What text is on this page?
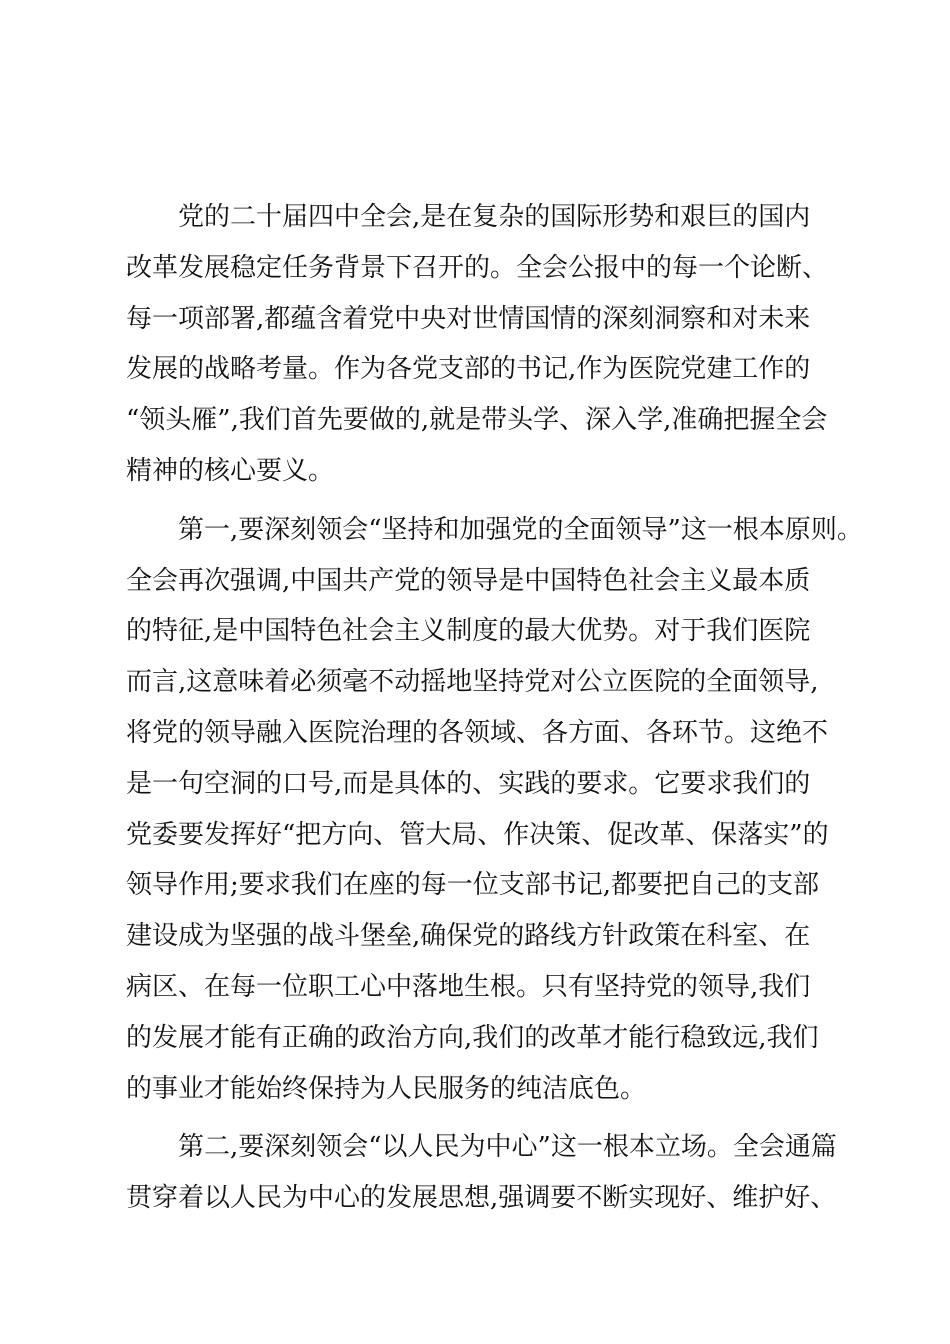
党的二十届四中全会,是在复杂的国际形势和艰巨的国内
改革发展稳定任务背景下召开的。全会公报中的每一个论断、
每一项部署,都蕴含着党中央对世情国情的深刻洞察和对未来
发展的战略考量。作为各党支部的书记,作为医院党建工作的
“领头雁”,我们首先要做的,就是带头学、深入学,准确把握全会
精神的核心要义。
第一,要深刻领会“坚持和加强党的全面领导”这一根本原则。
全会再次强调,中国共产党的领导是中国特色社会主义最本质
的特征,是中国特色社会主义制度的最大优势。对于我们医院
而言,这意味着必须毫不动摇地坚持党对公立医院的全面领导,
将党的领导融入医院治理的各领域、各方面、各环节。这绝不
是一句空洞的口号,而是具体的、实践的要求。它要求我们的
党委要发挥好“把方向、管大局、作决策、促改革、保落实”的
领导作用;要求我们在座的每一位支部书记,都要把自己的支部
建设成为坚强的战斗堡垒,确保党的路线方针政策在科室、在
病区、在每一位职工心中落地生根。只有坚持党的领导,我们
的发展才能有正确的政治方向,我们的改革才能行稳致远,我们
的事业才能始终保持为人民服务的纯洁底色。
第二,要深刻领会“以人民为中心”这一根本立场。全会通篇
贯穿着以人民为中心的发展思想,强调要不断实现好、维护好、
